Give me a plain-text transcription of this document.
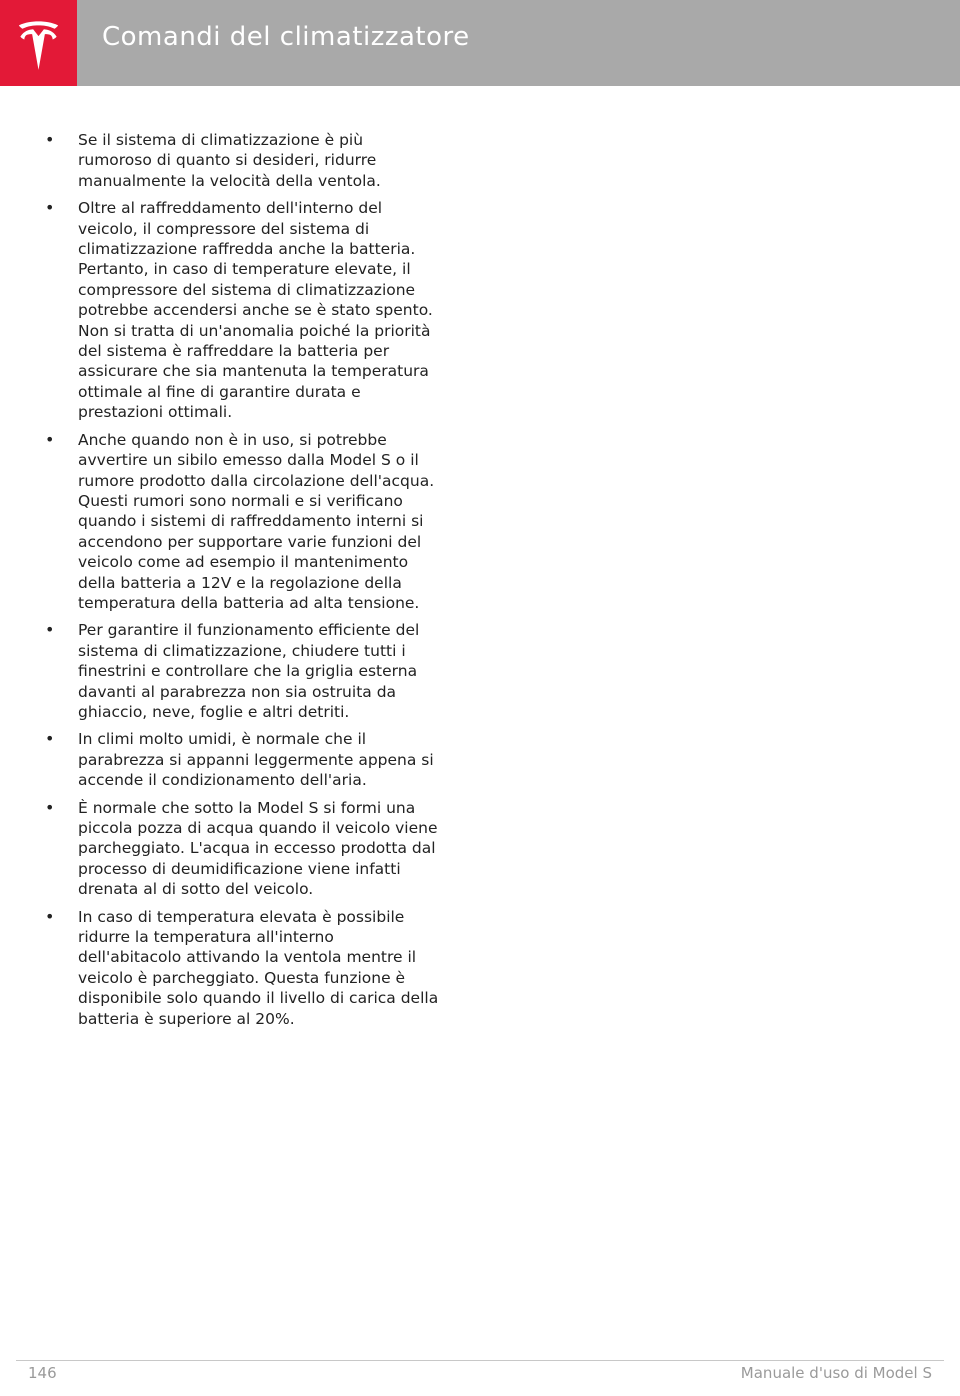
Comandi del climatizzatore
• Se il sistema di climatizzazione è più rumoroso di quanto si desideri, ridurre manualmente la velocità della ventola.
• Oltre al raffreddamento dell'interno del veicolo, il compressore del sistema di climatizzazione raffredda anche la batteria. Pertanto, in caso di temperature elevate, il compressore del sistema di climatizzazione potrebbe accendersi anche se è stato spento. Non si tratta di un'anomalia poiché la priorità del sistema è raffreddare la batteria per assicurare che sia mantenuta la temperatura ottimale al fine di garantire durata e prestazioni ottimali.
• Anche quando non è in uso, si potrebbe avvertire un sibilo emesso dalla Model S o il rumore prodotto dalla circolazione dell'acqua. Questi rumori sono normali e si verificano quando i sistemi di raffreddamento interni si accendono per supportare varie funzioni del veicolo come ad esempio il mantenimento della batteria a 12V e la regolazione della temperatura della batteria ad alta tensione.
• Per garantire il funzionamento efficiente del sistema di climatizzazione, chiudere tutti i finestrini e controllare che la griglia esterna davanti al parabrezza non sia ostruita da ghiaccio, neve, foglie e altri detriti.
• In climi molto umidi, è normale che il parabrezza si appanni leggermente appena si accende il condizionamento dell'aria.
• È normale che sotto la Model S si formi una piccola pozza di acqua quando il veicolo viene parcheggiato. L'acqua in eccesso prodotta dal processo di deumidificazione viene infatti drenata al di sotto del veicolo.
• In caso di temperatura elevata è possibile ridurre la temperatura all'interno dell'abitacolo attivando la ventola mentre il veicolo è parcheggiato. Questa funzione è disponibile solo quando il livello di carica della batteria è superiore al 20%.
146	Manuale d'uso di Model S
